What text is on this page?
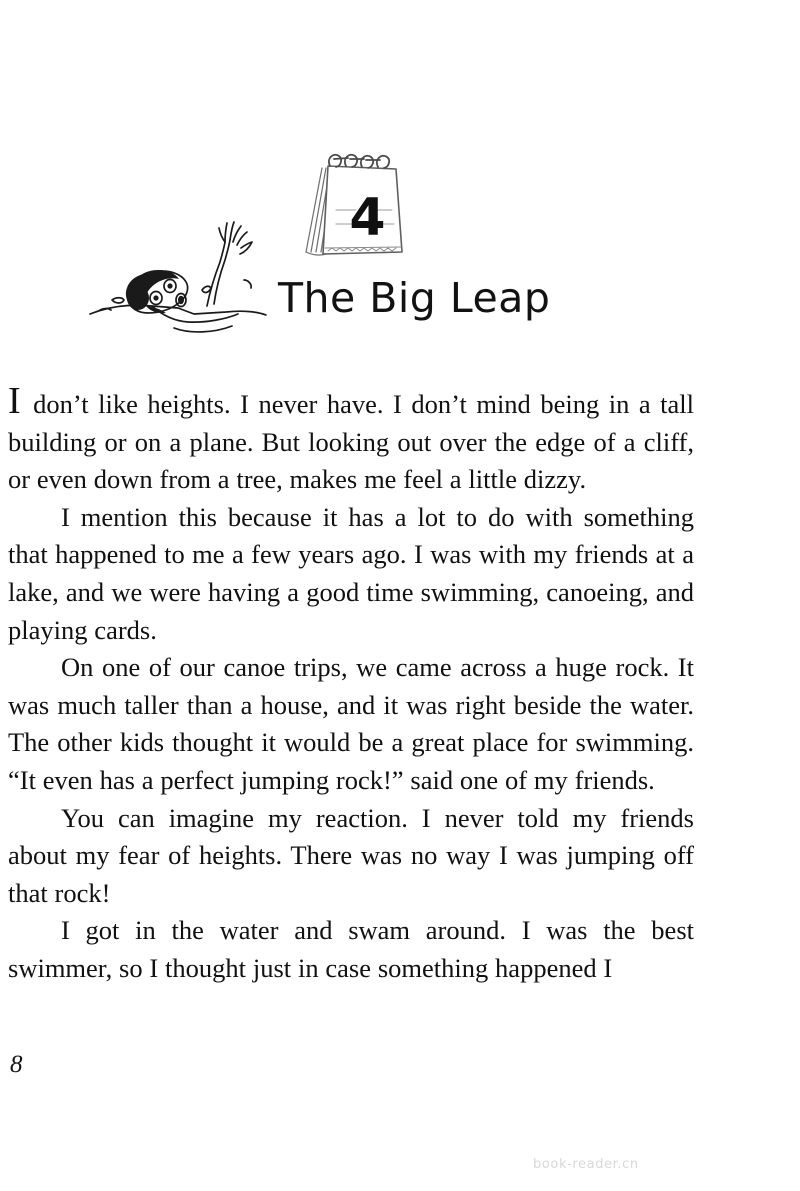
4
The Big Leap

I don’t like heights. I never have. I don’t mind being in a tall building or on a plane. But looking out over the edge of a cliff, or even down from a tree, makes me feel a little dizzy.

I mention this because it has a lot to do with something that happened to me a few years ago. I was with my friends at a lake, and we were having a good time swimming, canoeing, and playing cards.

On one of our canoe trips, we came across a huge rock. It was much taller than a house, and it was right beside the water. The other kids thought it would be a great place for swimming. “It even has a perfect jumping rock!” said one of my friends.

You can imagine my reaction. I never told my friends about my fear of heights. There was no way I was jumping off that rock!

I got in the water and swam around. I was the best swimmer, so I thought just in case something happened I

8
book-reader.cn
